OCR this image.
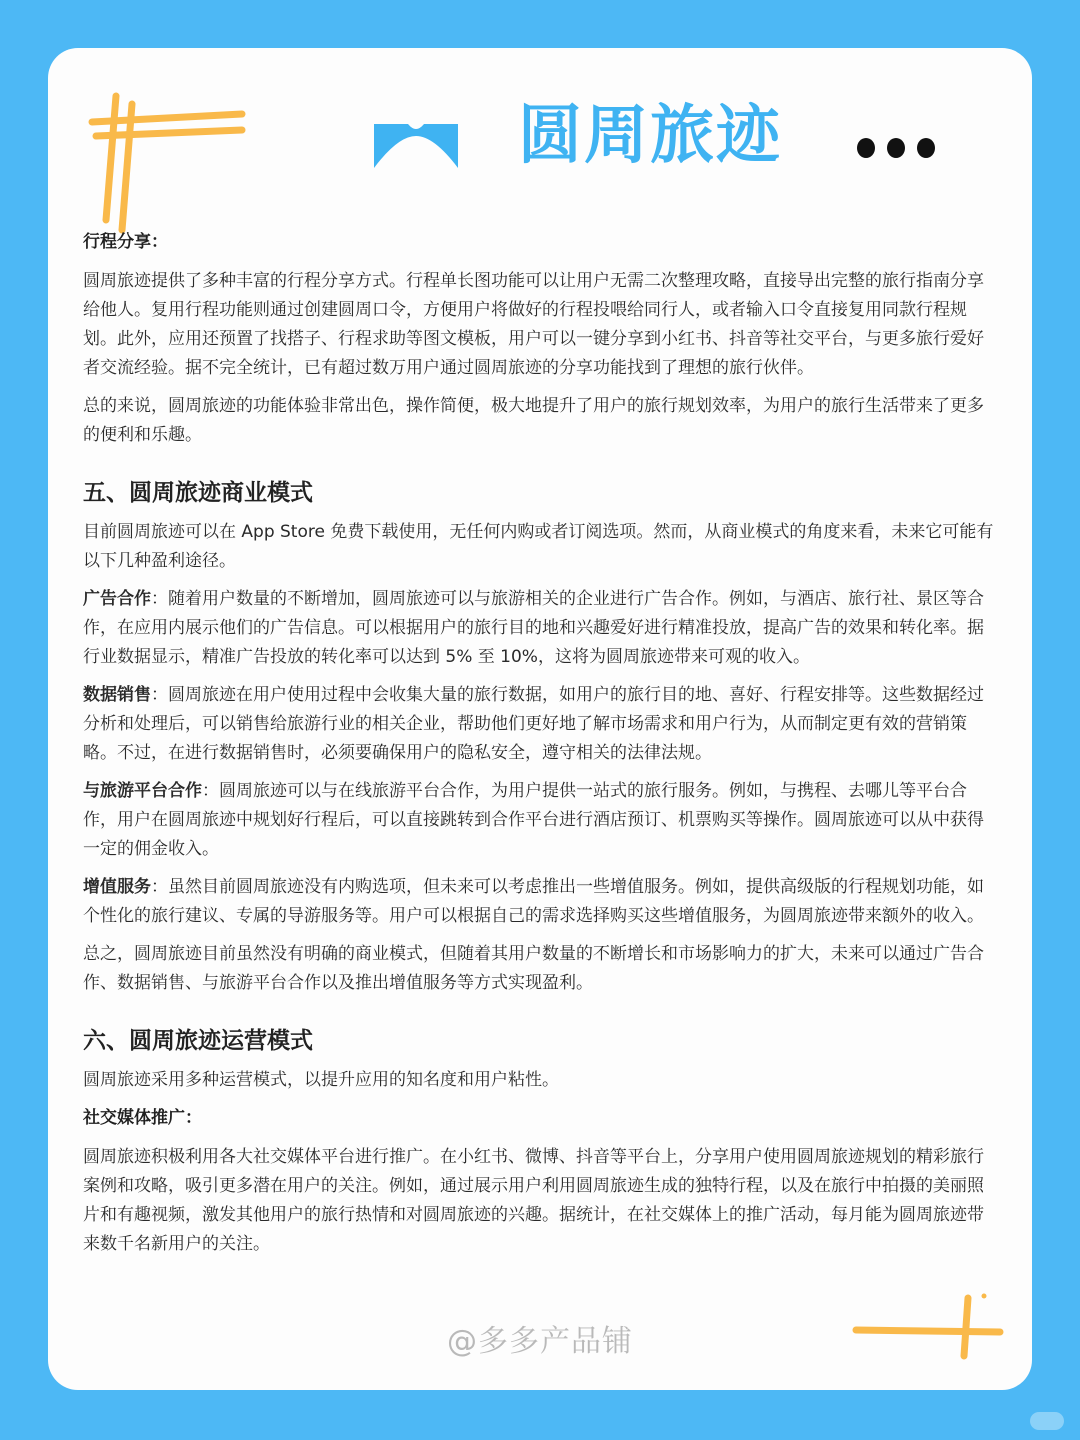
圆周旅迹

行程分享：

圆周旅迹提供了多种丰富的行程分享方式。行程单长图功能可以让用户无需二次整理攻略，直接导出完整的旅行指南分享给他人。复用行程功能则通过创建圆周口令，方便用户将做好的行程投喂给同行人，或者输入口令直接复用同款行程规划。此外，应用还预置了找搭子、行程求助等图文模板，用户可以一键分享到小红书、抖音等社交平台，与更多旅行爱好者交流经验。据不完全统计，已有超过数万用户通过圆周旅迹的分享功能找到了理想的旅行伙伴。

总的来说，圆周旅迹的功能体验非常出色，操作简便，极大地提升了用户的旅行规划效率，为用户的旅行生活带来了更多的便利和乐趣。

五、圆周旅迹商业模式

目前圆周旅迹可以在 App Store 免费下载使用，无任何内购或者订阅选项。然而，从商业模式的角度来看，未来它可能有以下几种盈利途径。

广告合作：随着用户数量的不断增加，圆周旅迹可以与旅游相关的企业进行广告合作。例如，与酒店、旅行社、景区等合作，在应用内展示他们的广告信息。可以根据用户的旅行目的地和兴趣爱好进行精准投放，提高广告的效果和转化率。据行业数据显示，精准广告投放的转化率可以达到 5% 至 10%，这将为圆周旅迹带来可观的收入。

数据销售：圆周旅迹在用户使用过程中会收集大量的旅行数据，如用户的旅行目的地、喜好、行程安排等。这些数据经过分析和处理后，可以销售给旅游行业的相关企业，帮助他们更好地了解市场需求和用户行为，从而制定更有效的营销策略。不过，在进行数据销售时，必须要确保用户的隐私安全，遵守相关的法律法规。

与旅游平台合作：圆周旅迹可以与在线旅游平台合作，为用户提供一站式的旅行服务。例如，与携程、去哪儿等平台合作，用户在圆周旅迹中规划好行程后，可以直接跳转到合作平台进行酒店预订、机票购买等操作。圆周旅迹可以从中获得一定的佣金收入。

增值服务：虽然目前圆周旅迹没有内购选项，但未来可以考虑推出一些增值服务。例如，提供高级版的行程规划功能，如个性化的旅行建议、专属的导游服务等。用户可以根据自己的需求选择购买这些增值服务，为圆周旅迹带来额外的收入。

总之，圆周旅迹目前虽然没有明确的商业模式，但随着其用户数量的不断增长和市场影响力的扩大，未来可以通过广告合作、数据销售、与旅游平台合作以及推出增值服务等方式实现盈利。

六、圆周旅迹运营模式

圆周旅迹采用多种运营模式，以提升应用的知名度和用户粘性。

社交媒体推广：

圆周旅迹积极利用各大社交媒体平台进行推广。在小红书、微博、抖音等平台上，分享用户使用圆周旅迹规划的精彩旅行案例和攻略，吸引更多潜在用户的关注。例如，通过展示用户利用圆周旅迹生成的独特行程，以及在旅行中拍摄的美丽照片和有趣视频，激发其他用户的旅行热情和对圆周旅迹的兴趣。据统计，在社交媒体上的推广活动，每月能为圆周旅迹带来数千名新用户的关注。

@多多产品铺
